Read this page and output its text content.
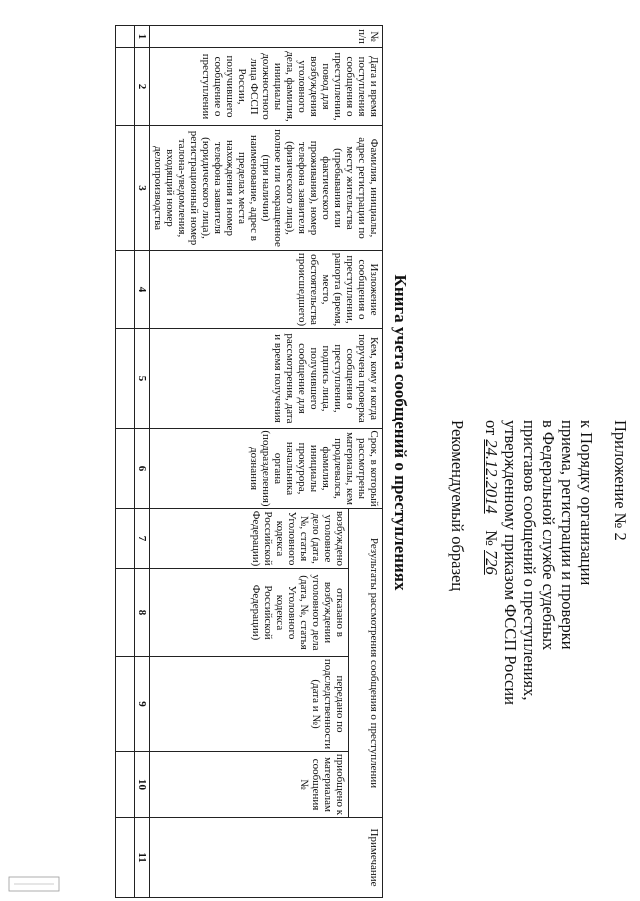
Приложение № 2
к Порядку организации
приема, регистрации и проверки
в Федеральной службе судебных
приставов сообщений о преступлениях,
утвержденному приказом ФССП России
от 24.12.2014    № 726
Рекомендуемый образец
Книга учета сообщений о преступлениях
№ п/п	Дата и время поступления сообщения о преступлении, повод для возбуждения уголовного дела, фамилия, инициалы должностного лица ФССП России, получившего сообщение о преступлении	Фамилия, инициалы, адрес регистрации по месту жительства (пребывания или фактического проживания), номер телефона заявителя (физического лица), полное или сокращенное (при наличии) наименование, адрес в пределах места нахождения и номер телефона заявителя (юридического лица), регистрационный номер талона-уведомления, входящий номер делопроизводства	Изложение сообщения о преступлении, рапорта (время, место, обстоятельства происшедшего)	Кем, кому и когда поручена проверка сообщения о преступлении, подпись лица, получившего сообщение для рассмотрения, дата и время получения	Срок, в который рассмотрены материалы, кем продлевался, фамилия, инициалы прокурора, начальника органа (подразделения) дознания	Результаты рассмотрения сообщения о преступлении				Примечание
						возбуждено уголовное дело (дата, №, статья Уголовного кодекса Российской Федерации)	отказано в возбуждении уголовного дела (дата, №, статья Уголовного кодекса Российской Федерации)	передано по подследственности (дата и №)	приобщено к материалам сообщения №	
1	2	3	4	5	6	7	8	9	10	11
